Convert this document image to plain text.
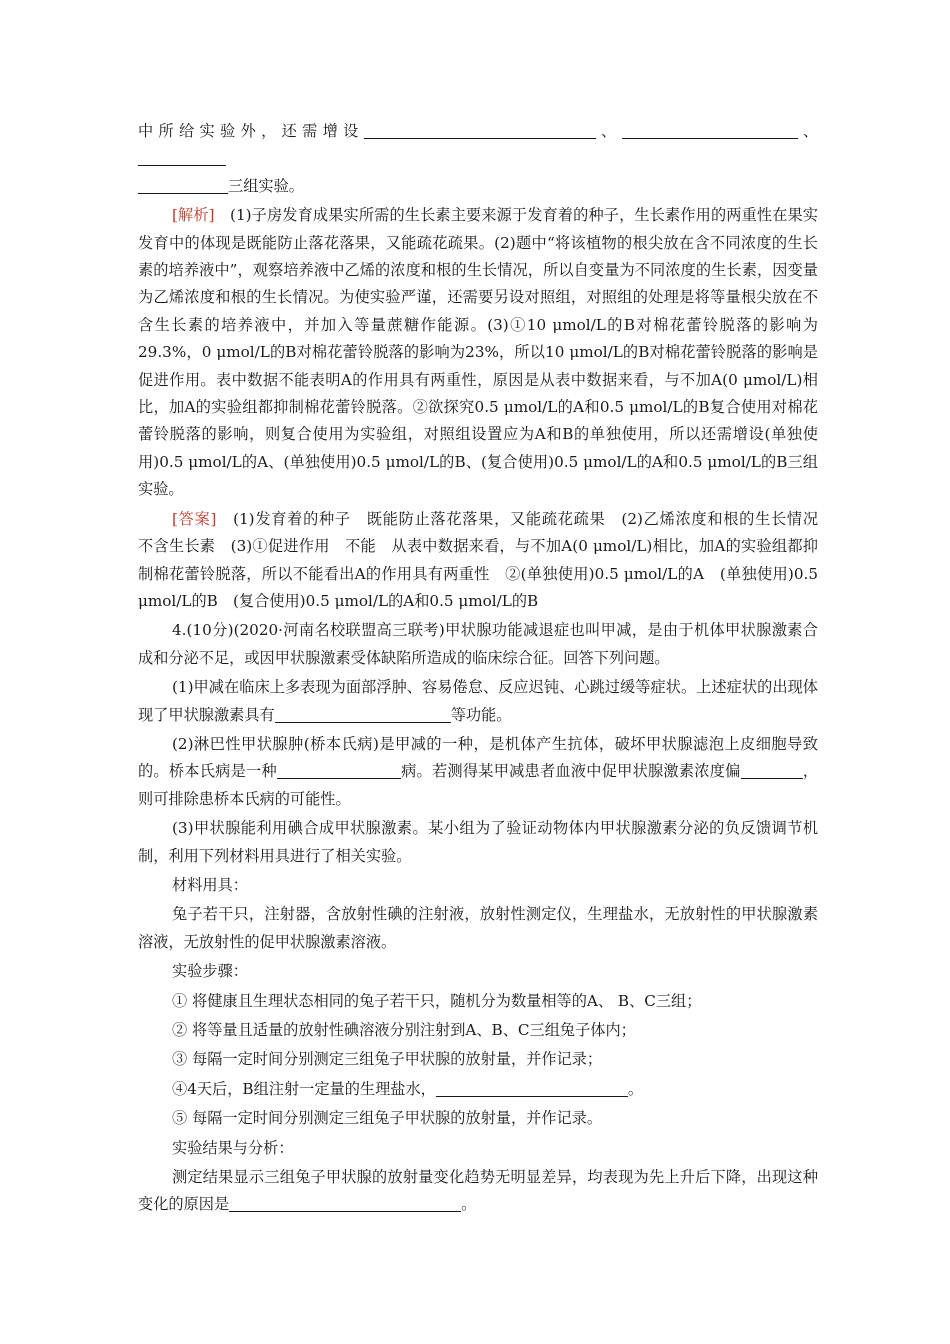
中所给实验外，还需增设	、	、
三组实验。

[解析]　 (1)子房发育成果实所需的生长素主要来源于发育着的种子，生长素作用的两重性在果实发育中的体现是既能防止落花落果，又能疏花疏果。(2)题中“将该植物的根尖放在含不同浓度的生长素的培养液中”，观察培养液中乙烯的浓度和根的生长情况，所以自变量为不同浓度的生长素，因变量为乙烯浓度和根的生长情况。为使实验严谨，还需要另设对照组，对照组的处理是将等量根尖放在不含生长素的培养液中，并加入等量蔗糖作能源。(3)①10 μmol/L的B对棉花蕾铃脱落的影响为29.3%，0 μmol/L的B对棉花蕾铃脱落的影响为23%，所以10 μmol/L的B对棉花蕾铃脱落的影响是促进作用。表中数据不能表明A的作用具有两重性，原因是从表中数据来看，与不加A(0 μmol/L)相比，加A的实验组都抑制棉花蕾铃脱落。②欲探究0.5 μmol/L的A和0.5 μmol/L的B复合使用对棉花蕾铃脱落的影响，则复合使用为实验组，对照组设置应为A和B的单独使用，所以还需增设(单独使用)0.5 μmol/L的A、(单独使用)0.5 μmol/L的B、(复合使用)0.5 μmol/L的A和0.5 μmol/L的B三组实验。

[答案]　 (1)发育着的种子　既能防止落花落果，又能疏花疏果　(2)乙烯浓度和根的生长情况　不含生长素　(3)①促进作用　不能　从表中数据来看，与不加A(0 μmol/L)相比，加A的实验组都抑制棉花蕾铃脱落，所以不能看出A的作用具有两重性　②(单独使用)0.5 μmol/L的A　(单独使用)0.5 μmol/L的B　(复合使用)0.5 μmol/L的A和0.5 μmol/L的B

4.(10分)(2020·河南名校联盟高三联考)甲状腺功能减退症也叫甲减，是由于机体甲状腺激素合成和分泌不足，或因甲状腺激素受体缺陷所造成的临床综合征。回答下列问题。

(1)甲减在临床上多表现为面部浮肿、容易倦怠、反应迟钝、心跳过缓等症状。上述症状的出现体现了甲状腺激素具有	等功能。

(2)淋巴性甲状腺肿(桥本氏病)是甲减的一种，是机体产生抗体，破坏甲状腺滤泡上皮细胞导致的。桥本氏病是一种	病。若测得某甲减患者血液中促甲状腺激素浓度偏	，则可排除患桥本氏病的可能性。

(3)甲状腺能利用碘合成甲状腺激素。某小组为了验证动物体内甲状腺激素分泌的负反馈调节机制，利用下列材料用具进行了相关实验。

材料用具：

兔子若干只，注射器，含放射性碘的注射液，放射性测定仪，生理盐水，无放射性的甲状腺激素溶液，无放射性的促甲状腺激素溶液。

实验步骤：

① 将健康且生理状态相同的兔子若干只，随机分为数量相等的A、 B、C三组；

② 将等量且适量的放射性碘溶液分别注射到A、B、C三组兔子体内；

③ 每隔一定时间分别测定三组兔子甲状腺的放射量，并作记录；

④4天后，B组注射一定量的生理盐水，	。

⑤ 每隔一定时间分别测定三组兔子甲状腺的放射量，并作记录。

实验结果与分析：

测定结果显示三组兔子甲状腺的放射量变化趋势无明显差异，均表现为先上升后下降，出现这种变化的原因是	。
